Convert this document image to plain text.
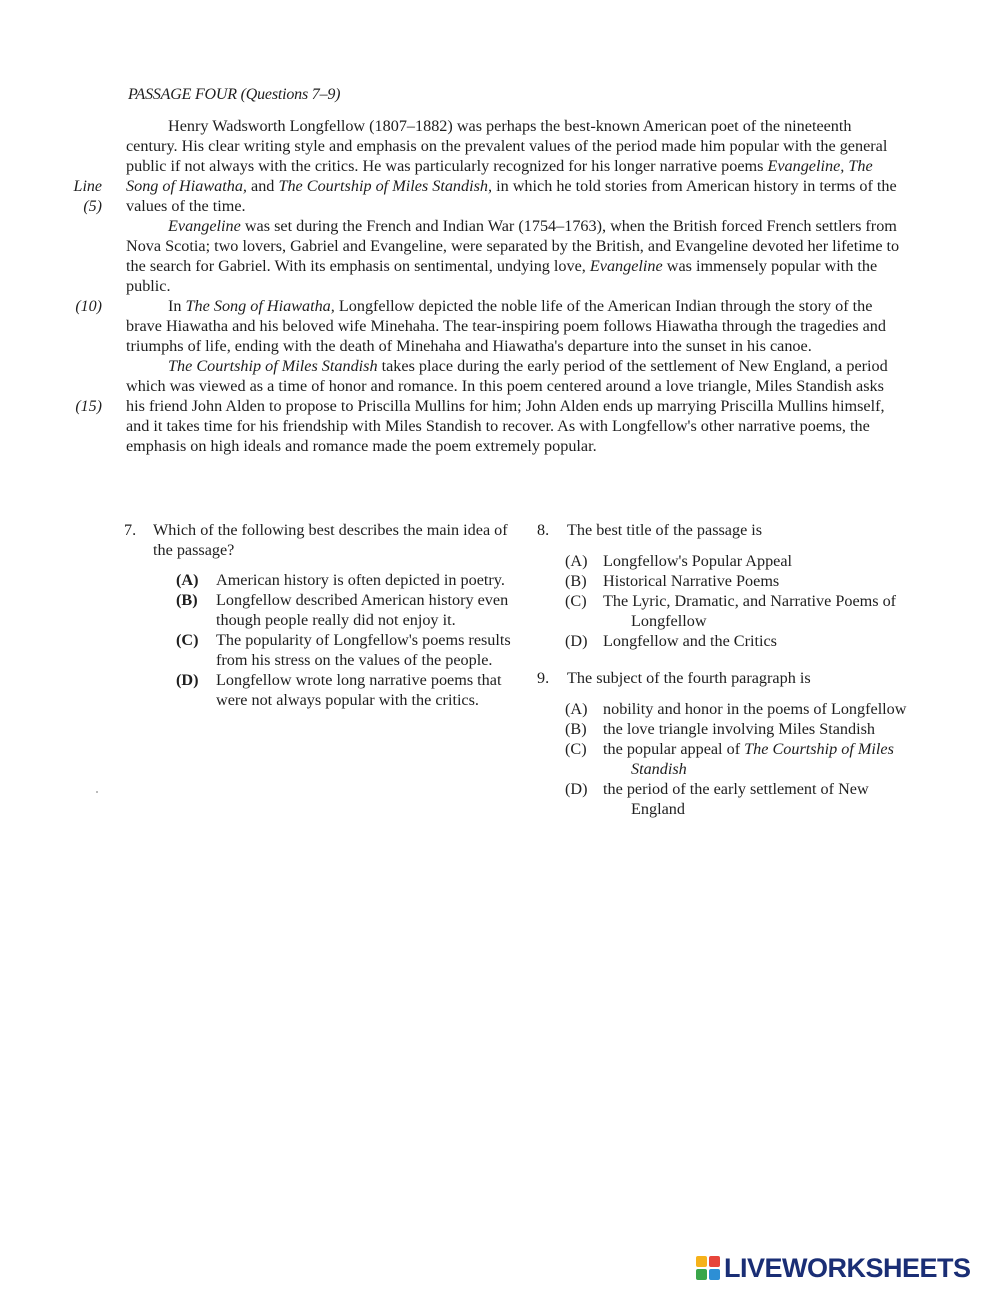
PASSAGE FOUR (Questions 7–9)
Line
(5)
(10)
(15)

Henry Wadsworth Longfellow (1807–1882) was perhaps the best-known American poet of the nineteenth century. His clear writing style and emphasis on the prevalent values of the period made him popular with the general public if not always with the critics. He was particularly recognized for his longer narrative poems Evangeline, The Song of Hiawatha, and The Courtship of Miles Standish, in which he told stories from American history in terms of the values of the time.

Evangeline was set during the French and Indian War (1754–1763), when the British forced French settlers from Nova Scotia; two lovers, Gabriel and Evangeline, were separated by the British, and Evangeline devoted her lifetime to the search for Gabriel. With its emphasis on sentimental, undying love, Evangeline was immensely popular with the public.

In The Song of Hiawatha, Longfellow depicted the noble life of the American Indian through the story of the brave Hiawatha and his beloved wife Minehaha. The tear-inspiring poem follows Hiawatha through the tragedies and triumphs of life, ending with the death of Minehaha and Hiawatha's departure into the sunset in his canoe.

The Courtship of Miles Standish takes place during the early period of the settlement of New England, a period which was viewed as a time of honor and romance. In this poem centered around a love triangle, Miles Standish asks his friend John Alden to propose to Priscilla Mullins for him; John Alden ends up marrying Priscilla Mullins himself, and it takes time for his friendship with Miles Standish to recover. As with Longfellow's other narrative poems, the emphasis on high ideals and romance made the poem extremely popular.

7. Which of the following best describes the main idea of the passage?
(A) American history is often depicted in poetry.
(B) Longfellow described American history even though people really did not enjoy it.
(C) The popularity of Longfellow's poems results from his stress on the values of the people.
(D) Longfellow wrote long narrative poems that were not always popular with the critics.
8. The best title of the passage is
(A) Longfellow's Popular Appeal
(B) Historical Narrative Poems
(C) The Lyric, Dramatic, and Narrative Poems of Longfellow
(D) Longfellow and the Critics
9. The subject of the fourth paragraph is
(A) nobility and honor in the poems of Longfellow
(B) the love triangle involving Miles Standish
(C) the popular appeal of The Courtship of Miles Standish
(D) the period of the early settlement of New England
LIVEWORKSHEETS
